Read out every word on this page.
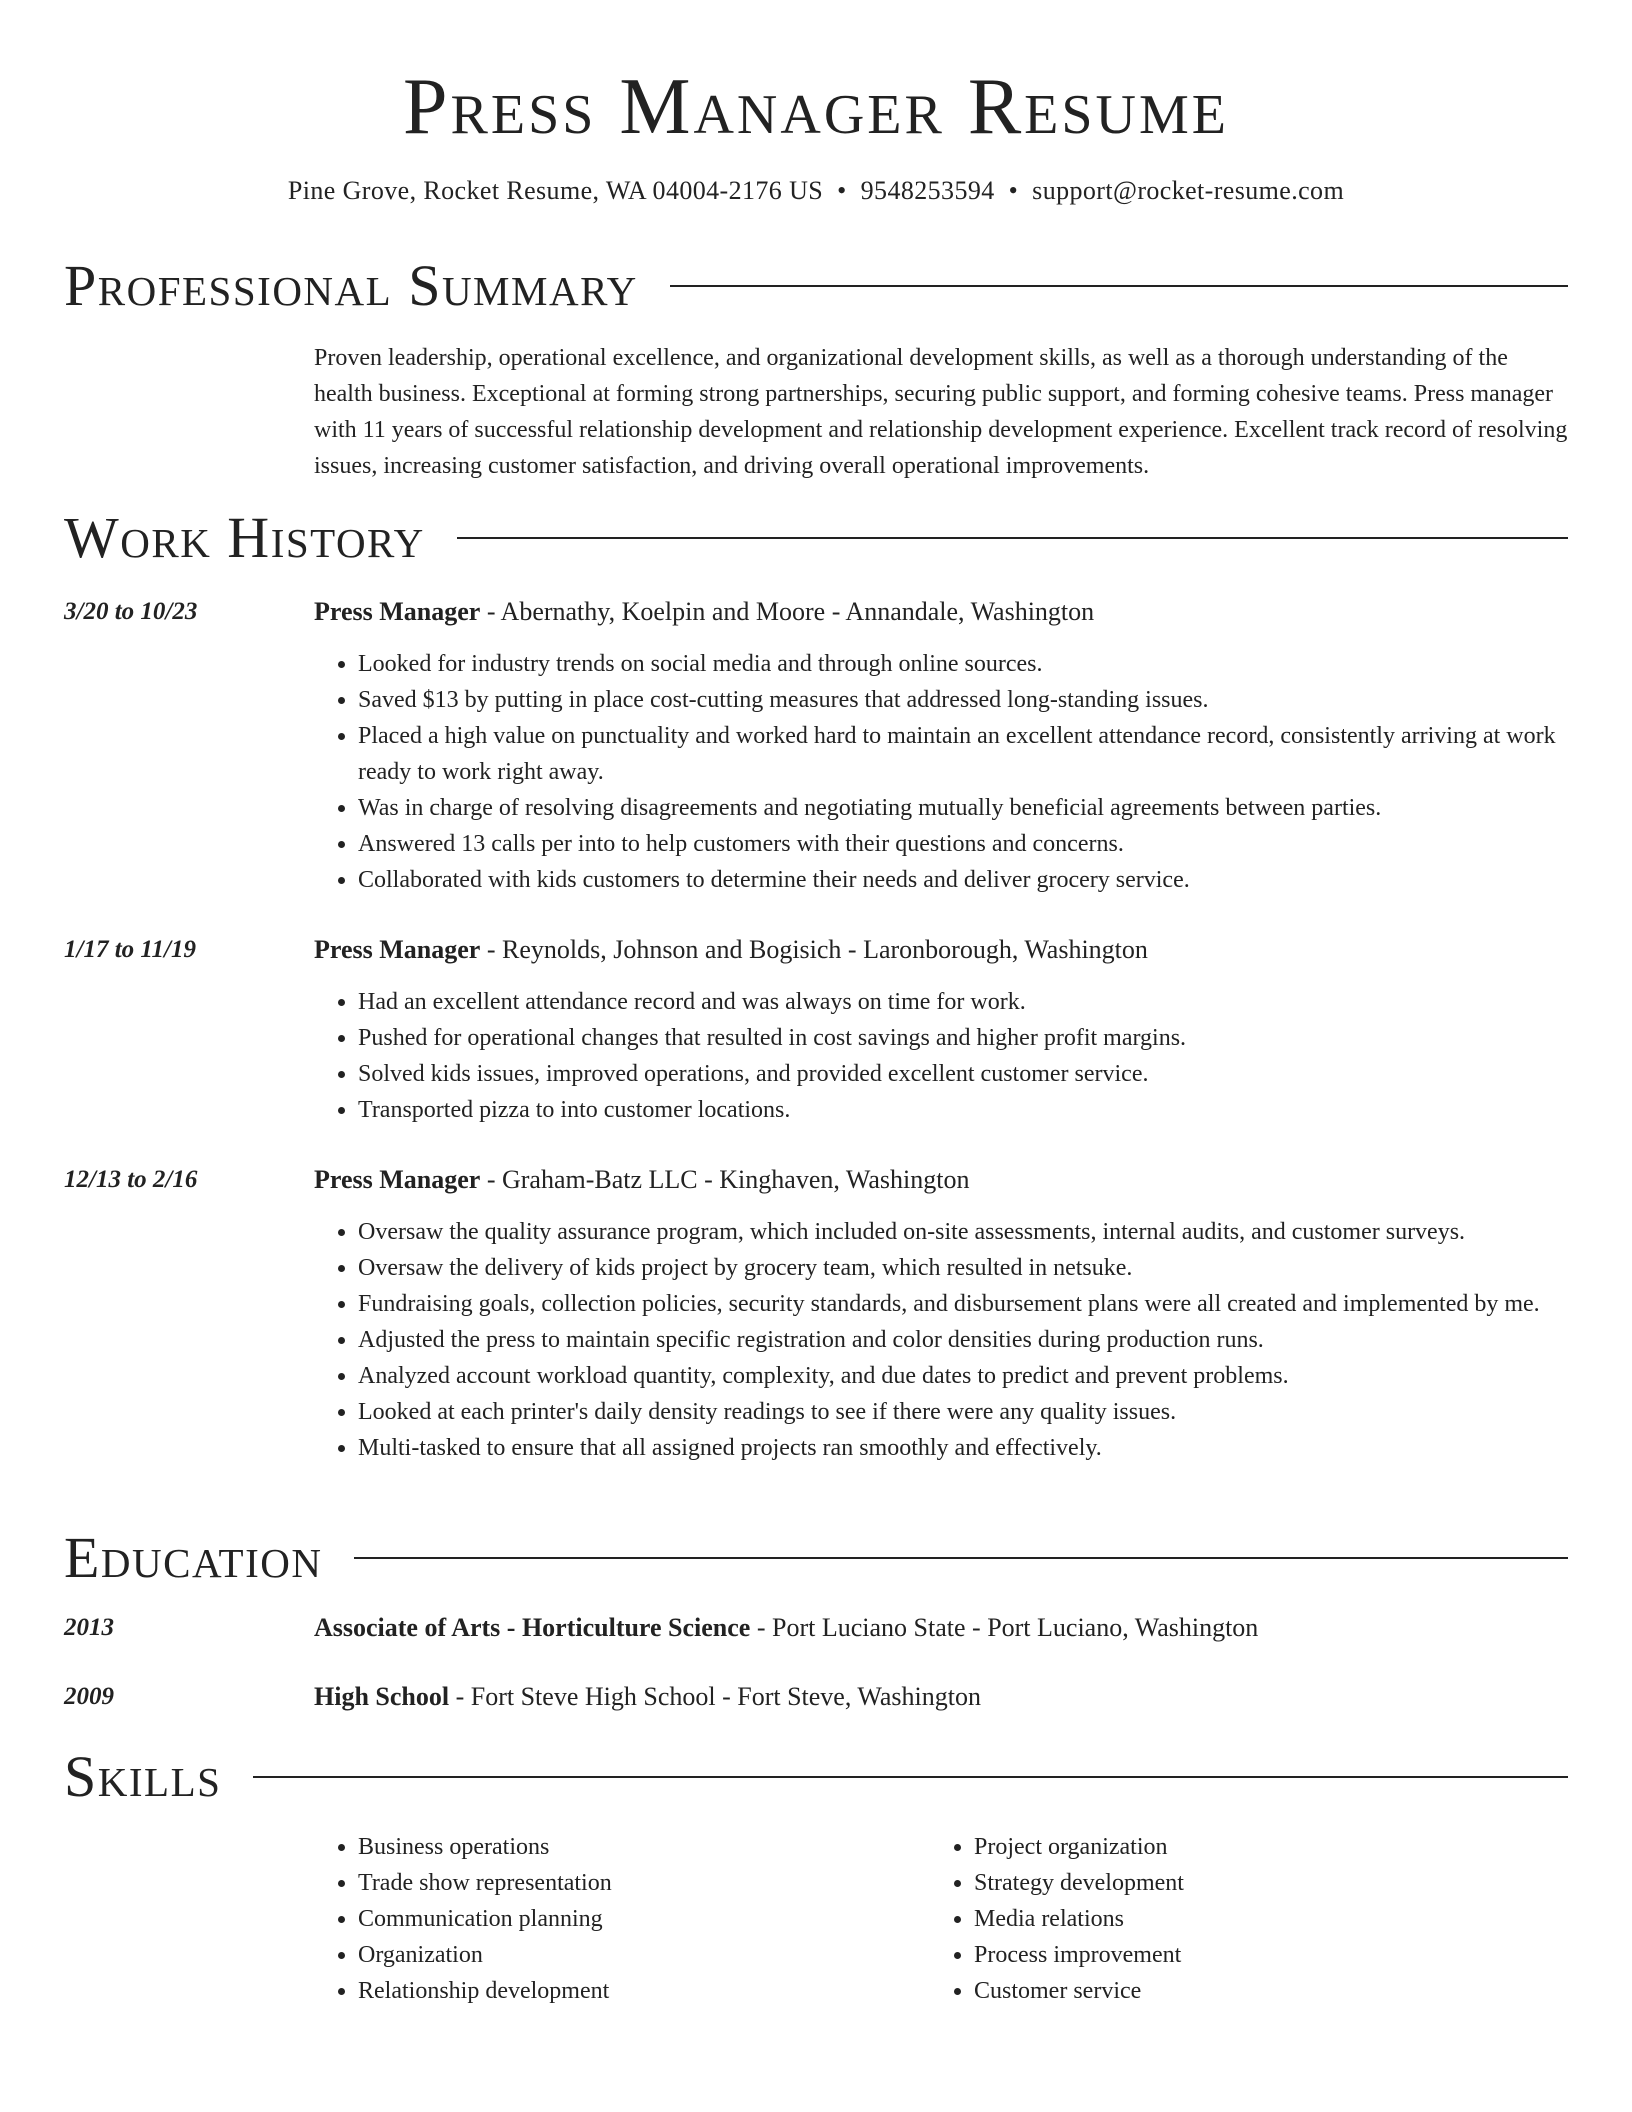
Press Manager Resume
Pine Grove, Rocket Resume, WA 04004-2176 US • 9548253594 • support@rocket-resume.com
Professional Summary
Proven leadership, operational excellence, and organizational development skills, as well as a thorough understanding of the health business. Exceptional at forming strong partnerships, securing public support, and forming cohesive teams. Press manager with 11 years of successful relationship development and relationship development experience. Excellent track record of resolving issues, increasing customer satisfaction, and driving overall operational improvements.
Work History
3/20 to 10/23	Press Manager - Abernathy, Koelpin and Moore - Annandale, Washington
• Looked for industry trends on social media and through online sources.
• Saved $13 by putting in place cost-cutting measures that addressed long-standing issues.
• Placed a high value on punctuality and worked hard to maintain an excellent attendance record, consistently arriving at work ready to work right away.
• Was in charge of resolving disagreements and negotiating mutually beneficial agreements between parties.
• Answered 13 calls per into to help customers with their questions and concerns.
• Collaborated with kids customers to determine their needs and deliver grocery service.
1/17 to 11/19	Press Manager - Reynolds, Johnson and Bogisich - Laronborough, Washington
• Had an excellent attendance record and was always on time for work.
• Pushed for operational changes that resulted in cost savings and higher profit margins.
• Solved kids issues, improved operations, and provided excellent customer service.
• Transported pizza to into customer locations.
12/13 to 2/16	Press Manager - Graham-Batz LLC - Kinghaven, Washington
• Oversaw the quality assurance program, which included on-site assessments, internal audits, and customer surveys.
• Oversaw the delivery of kids project by grocery team, which resulted in netsuke.
• Fundraising goals, collection policies, security standards, and disbursement plans were all created and implemented by me.
• Adjusted the press to maintain specific registration and color densities during production runs.
• Analyzed account workload quantity, complexity, and due dates to predict and prevent problems.
• Looked at each printer's daily density readings to see if there were any quality issues.
• Multi-tasked to ensure that all assigned projects ran smoothly and effectively.
Education
2013	Associate of Arts - Horticulture Science - Port Luciano State - Port Luciano, Washington
2009	High School - Fort Steve High School - Fort Steve, Washington
Skills
• Business operations
• Trade show representation
• Communication planning
• Organization
• Relationship development
• Project organization
• Strategy development
• Media relations
• Process improvement
• Customer service
